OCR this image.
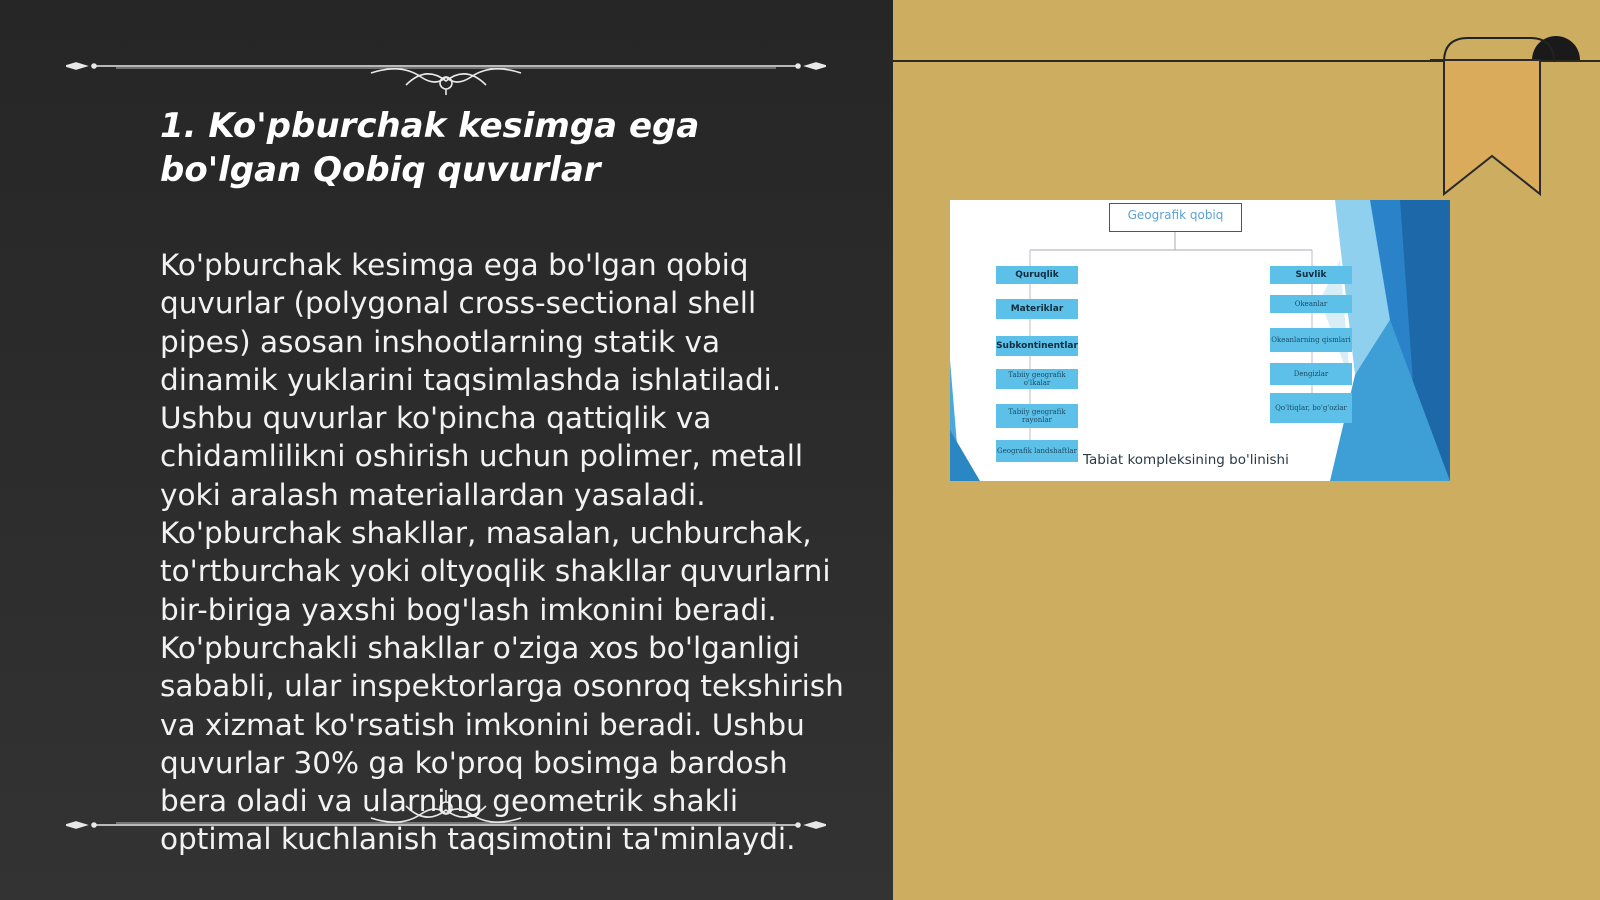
1. Ko'pburchak kesimga ega bo'lgan Qobiq quvurlar
Ko'pburchak kesimga ega bo'lgan qobiq quvurlar (polygonal cross-sectional shell pipes) asosan inshootlarning statik va dinamik yuklarini taqsimlashda ishlatiladi. Ushbu quvurlar ko'pincha qattiqlik va chidamlilikni oshirish uchun polimer, metall yoki aralash materiallardan yasaladi. Ko'pburchak shakllar, masalan, uchburchak, to'rtburchak yoki oltyoqlik shakllar quvurlarni bir-biriga yaxshi bog'lash imkonini beradi. Ko'pburchakli shakllar o'ziga xos bo'lganligi sababli, ular inspektorlarga osonroq tekshirish va xizmat ko'rsatish imkonini beradi. Ushbu quvurlar 30% ga ko'proq bosimga bardosh bera oladi va ularning geometrik shakli optimal kuchlanish taqsimotini ta'minlaydi.
Geografik qobiq
Quruqlik
Materiklar
Subkontinentlar
Tabiiy geografik o'lkalar
Tabiiy geografik rayonlar
Geografik landshaftlar
Suvlik
Okeanlar
Okeanlarning qismlari
Dengizlar
Qo'ltiqlar, bo'g'ozlar
Tabiat kompleksining bo'linishi
